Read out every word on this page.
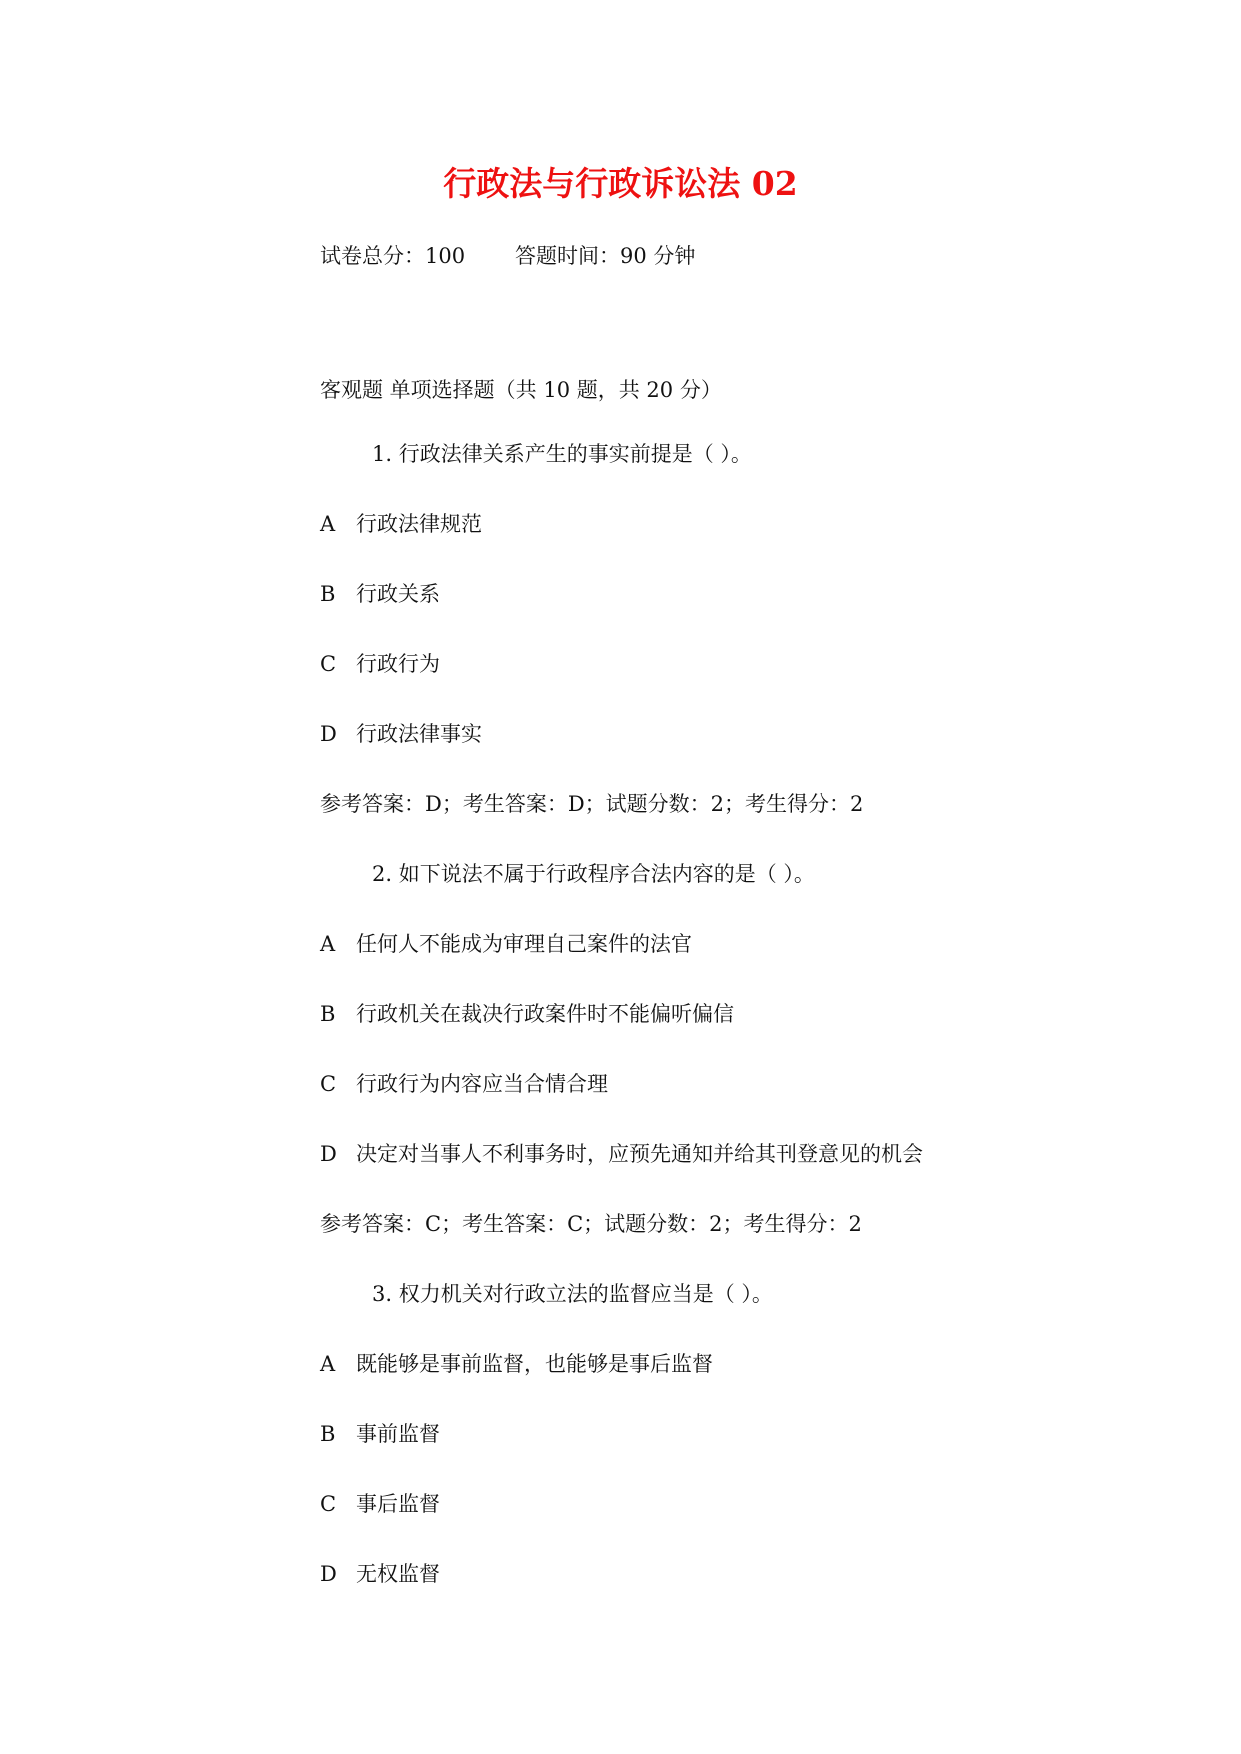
行政法与行政诉讼法 02
试卷总分：100 答题时间：90 分钟
客观题 单项选择题（共 10 题，共 20 分）
1. 行政法律关系产生的事实前提是（ ）。
A 行政法律规范
B 行政关系
C 行政行为
D 行政法律事实
参考答案：D；考生答案：D；试题分数：2；考生得分：2
2. 如下说法不属于行政程序合法内容的是（ ）。
A 任何人不能成为审理自己案件的法官
B 行政机关在裁决行政案件时不能偏听偏信
C 行政行为内容应当合情合理
D 决定对当事人不利事务时，应预先通知并给其刊登意见的机会
参考答案：C；考生答案：C；试题分数：2；考生得分：2
3. 权力机关对行政立法的监督应当是（ ）。
A 既能够是事前监督，也能够是事后监督
B 事前监督
C 事后监督
D 无权监督
